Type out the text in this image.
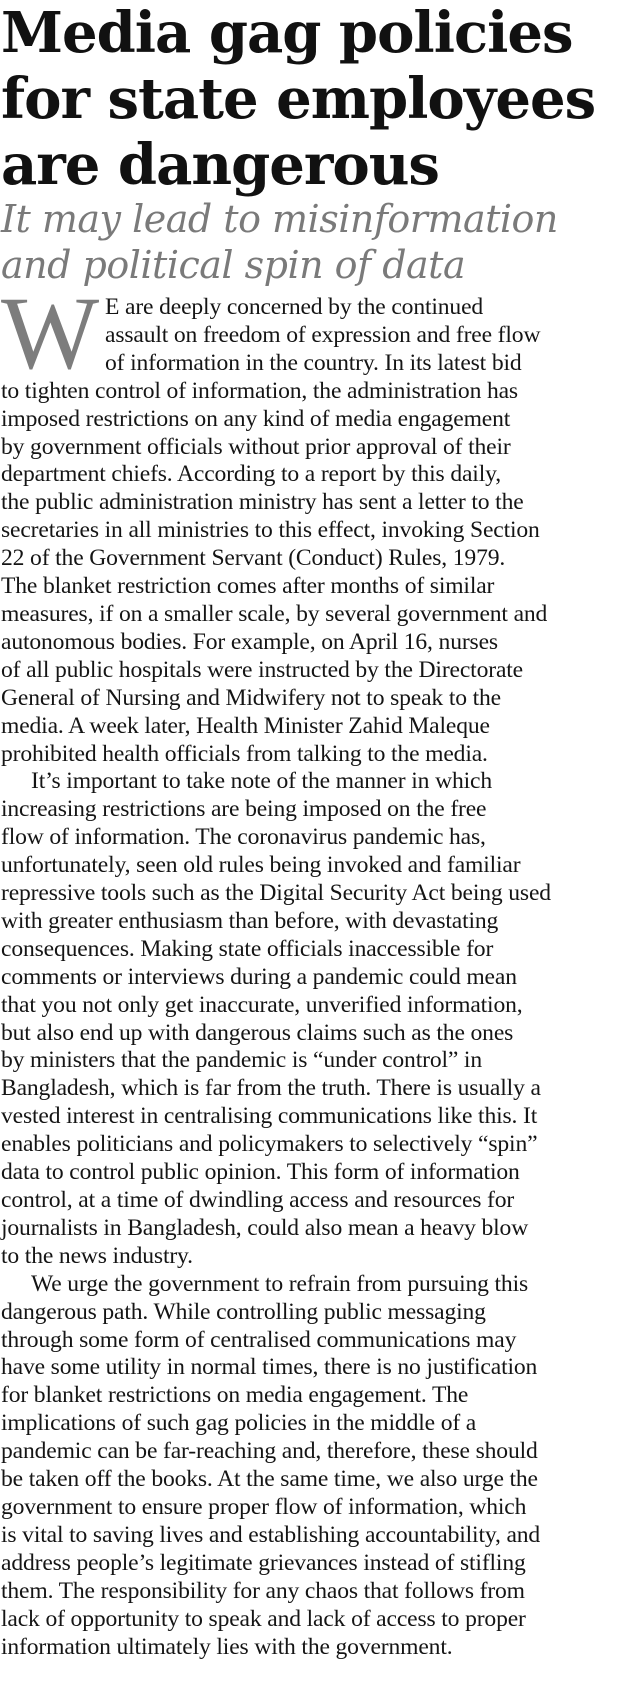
Media gag policies
for state employees
are dangerous
It may lead to misinformation
and political spin of data
W E are deeply concerned by the continued
assault on freedom of expression and free flow
of information in the country. In its latest bid
to tighten control of information, the administration has
imposed restrictions on any kind of media engagement
by government officials without prior approval of their
department chiefs. According to a report by this daily,
the public administration ministry has sent a letter to the
secretaries in all ministries to this effect, invoking Section
22 of the Government Servant (Conduct) Rules, 1979.
The blanket restriction comes after months of similar
measures, if on a smaller scale, by several government and
autonomous bodies. For example, on April 16, nurses
of all public hospitals were instructed by the Directorate
General of Nursing and Midwifery not to speak to the
media. A week later, Health Minister Zahid Maleque
prohibited health officials from talking to the media.
It’s important to take note of the manner in which
increasing restrictions are being imposed on the free
flow of information. The coronavirus pandemic has,
unfortunately, seen old rules being invoked and familiar
repressive tools such as the Digital Security Act being used
with greater enthusiasm than before, with devastating
consequences. Making state officials inaccessible for
comments or interviews during a pandemic could mean
that you not only get inaccurate, unverified information,
but also end up with dangerous claims such as the ones
by ministers that the pandemic is “under control” in
Bangladesh, which is far from the truth. There is usually a
vested interest in centralising communications like this. It
enables politicians and policymakers to selectively “spin”
data to control public opinion. This form of information
control, at a time of dwindling access and resources for
journalists in Bangladesh, could also mean a heavy blow
to the news industry.
We urge the government to refrain from pursuing this
dangerous path. While controlling public messaging
through some form of centralised communications may
have some utility in normal times, there is no justification
for blanket restrictions on media engagement. The
implications of such gag policies in the middle of a
pandemic can be far-reaching and, therefore, these should
be taken off the books. At the same time, we also urge the
government to ensure proper flow of information, which
is vital to saving lives and establishing accountability, and
address people’s legitimate grievances instead of stifling
them. The responsibility for any chaos that follows from
lack of opportunity to speak and lack of access to proper
information ultimately lies with the government.
